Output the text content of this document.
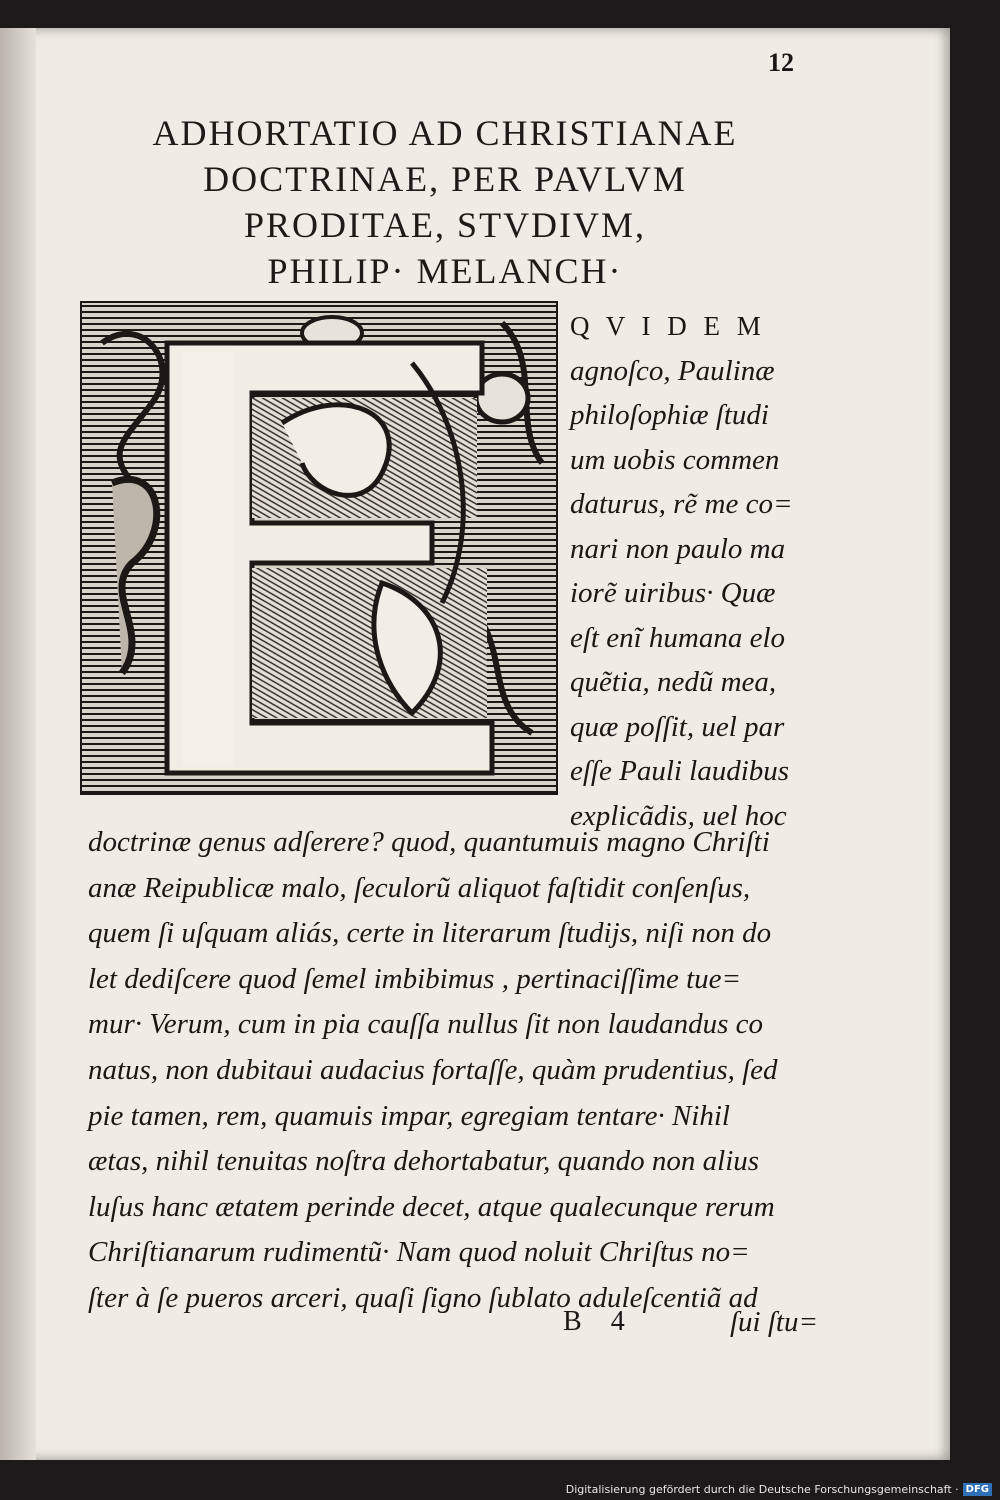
12
ADHORTATIO AD CHRISTIANAE
DOCTRINAE, PER PAVLVM
PRODITAE, STVDIVM,
PHILIP· MELANCH·
Q V I D E M
agnoſco, Paulinæ
philoſophiæ ſtudi
um uobis commen
daturus, rẽ me co=
nari non paulo ma
iorẽ uiribus· Quæ
eſt enĩ humana elo
quẽtia, nedũ mea,
quæ poſſit, uel par
eſſe Pauli laudibus
explicãdis, uel hoc
doctrinæ genus adſerere? quod, quantumuis magno Chriſti
anæ Reipublicæ malo, ſeculorũ aliquot faſtidit conſenſus,
quem ſi uſquam aliás, certe in literarum ſtudijs, niſi non do
let dediſcere quod ſemel imbibimus , pertinaciſſime tue=
mur· Verum, cum in pia cauſſa nullus ſit non laudandus co
natus, non dubitaui audacius fortaſſe, quàm prudentius, ſed
pie tamen, rem, quamuis impar, egregiam tentare· Nihil
ætas, nihil tenuitas noſtra dehortabatur, quando non alius
luſus hanc ætatem perinde decet, atque qualecunque rerum
Chriſtianarum rudimentũ· Nam quod noluit Chriſtus no=
ſter à ſe pueros arceri, quaſi ſigno ſublato aduleſcentiã ad
B 4	ſui ſtu=
Digitalisierung gefördert durch die Deutsche Forschungsgemeinschaft · DFG
